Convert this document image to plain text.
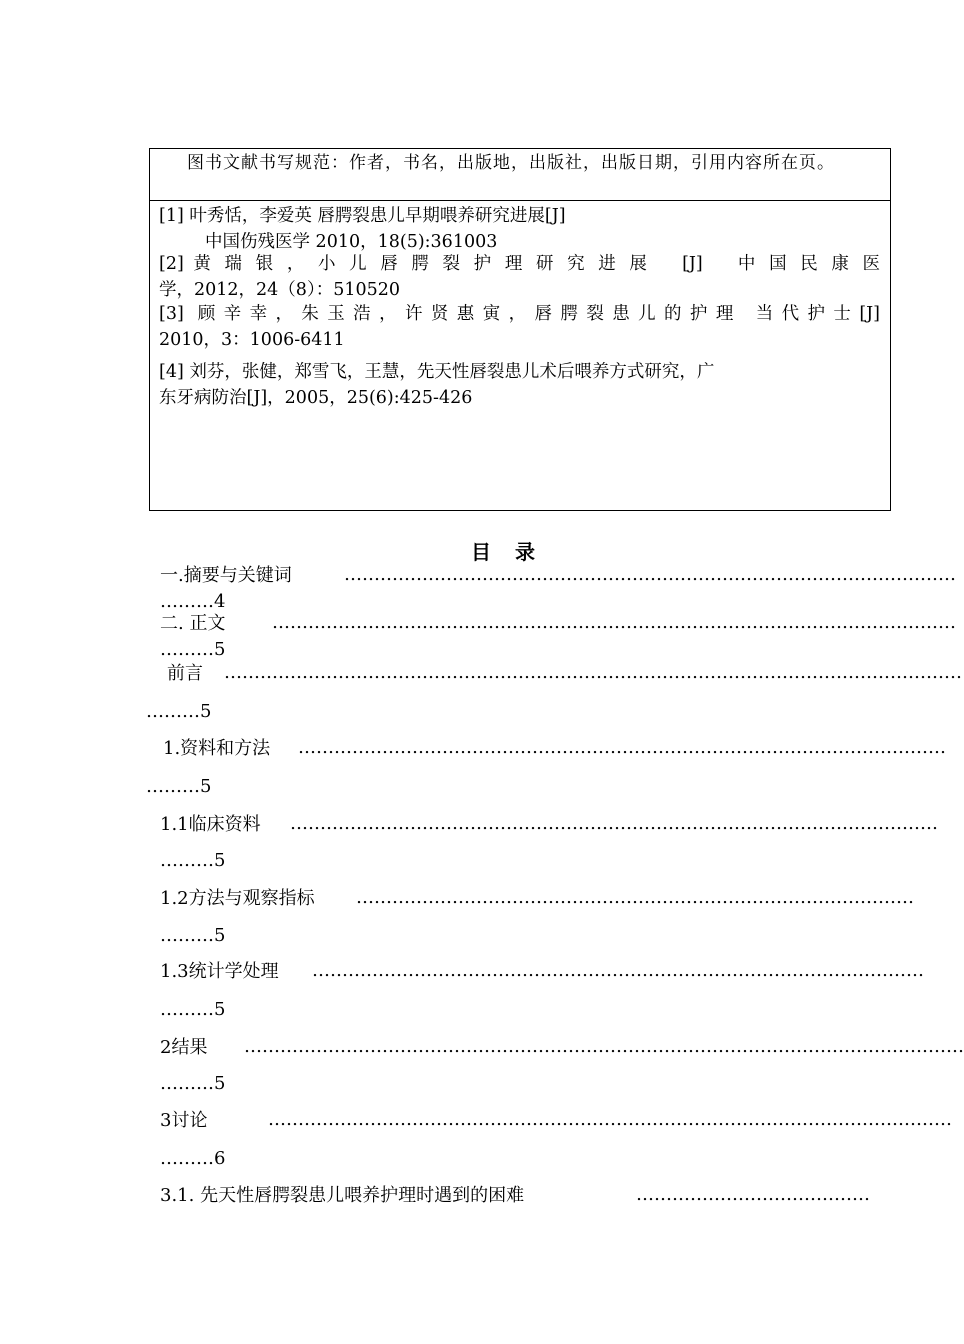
图书文献书写规范：作者，书名，出版地，出版社，出版日期，引用内容所在页。
[1] 叶秀恬，李爱英 唇腭裂患儿早期喂养研究进展[J]
中国伤残医学 2010，18(5):361003
[2] 黄 瑞 银 ， 小 儿 唇 腭 裂 护 理 研 究 进 展 　[J]　 中 国 民 康 医
学，2012，24（8）：510520
[3] 顾辛幸，朱玉浩，许贤惠寅，唇腭裂患儿的护理 当代护士[J]
2010，3：1006-6411
[4] 刘芬，张健，郑雪飞，王慧，先天性唇裂患儿术后喂养方式研究，广
东牙病防治[J]，2005，25(6):425-426
目　录
一.摘要与关键词	…………………………………………………………………………………………
………4
二. 正文	……………………………………………………………………………………………………
………5
前言 ……………………………………………………………………………………………………………
………5
1.资料和方法 ………………………………………………………………………………………………
………5
1.1临床资料 ………………………………………………………………………………………………
………5
1.2方法与观察指标 …………………………………………………………………………………
………5
1.3统计学处理 …………………………………………………………………………………………
………5
2结果 …………………………………………………………………………………………………………
………5
3讨论	……………………………………………………………………………………………………
………6
3.1. 先天性唇腭裂患儿喂养护理时遇到的困难	…………………………………
